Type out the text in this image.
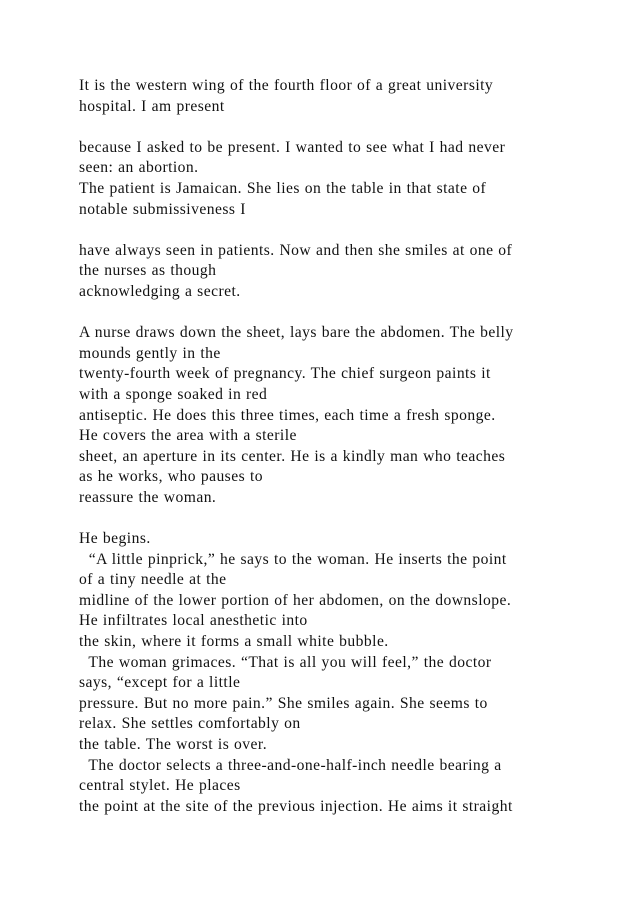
It is the western wing of the fourth floor of a great university
hospital. I am present
because I asked to be present. I wanted to see what I had never
seen: an abortion.
The patient is Jamaican. She lies on the table in that state of
notable submissiveness I
have always seen in patients. Now and then she smiles at one of
the nurses as though
acknowledging a secret.
A nurse draws down the sheet, lays bare the abdomen. The belly
mounds gently in the
twenty-fourth week of pregnancy. The chief surgeon paints it
with a sponge soaked in red
antiseptic. He does this three times, each time a fresh sponge.
He covers the area with a sterile
sheet, an aperture in its center. He is a kindly man who teaches
as he works, who pauses to
reassure the woman.
He begins.
“A little pinprick,” he says to the woman. He inserts the point
of a tiny needle at the
midline of the lower portion of her abdomen, on the downslope.
He infiltrates local anesthetic into
the skin, where it forms a small white bubble.
The woman grimaces. “That is all you will feel,” the doctor
says, “except for a little
pressure. But no more pain.” She smiles again. She seems to
relax. She settles comfortably on
the table. The worst is over.
The doctor selects a three-and-one-half-inch needle bearing a
central stylet. He places
the point at the site of the previous injection. He aims it straight
